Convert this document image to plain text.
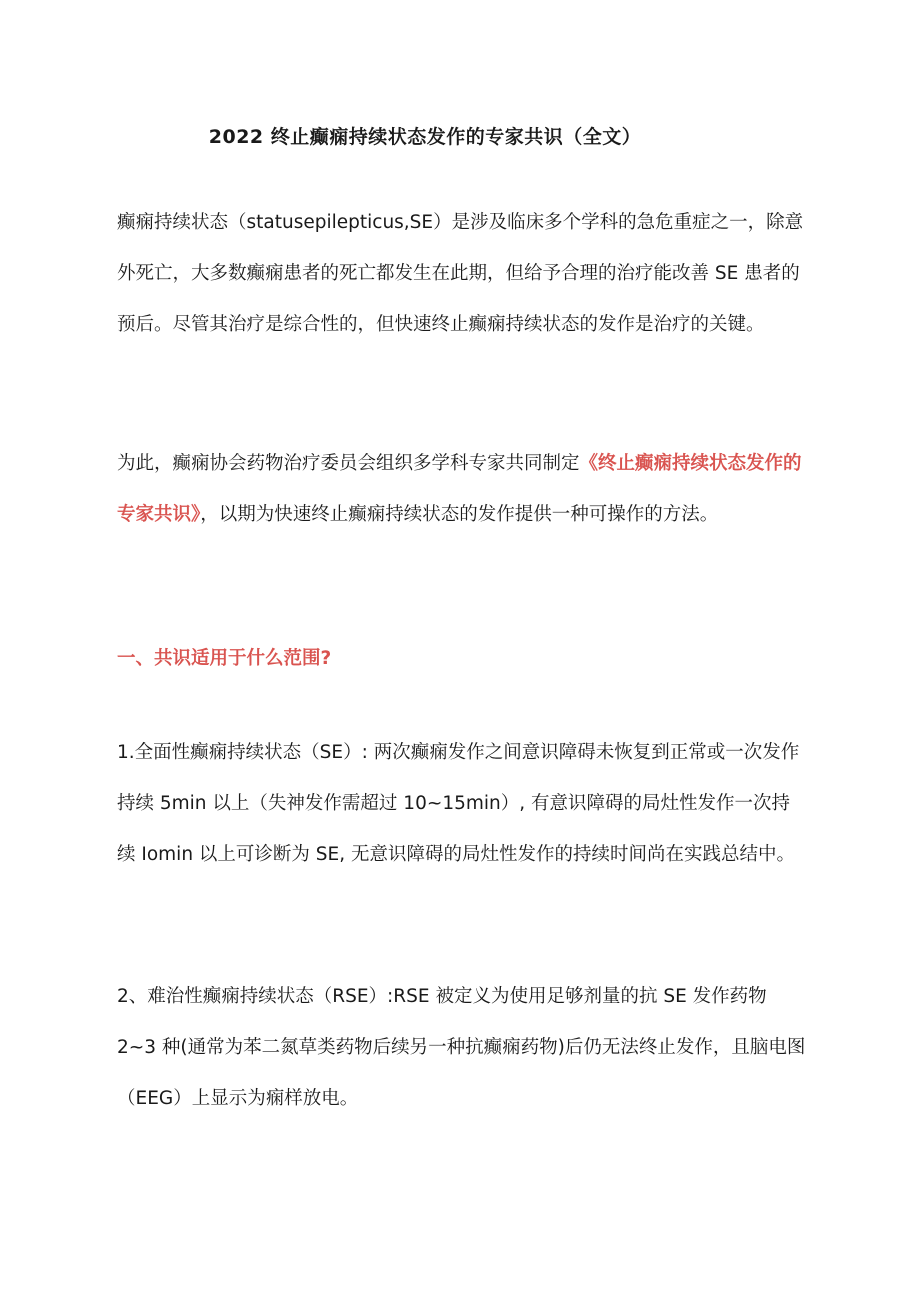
2022 终止癫痫持续状态发作的专家共识（全文）

癫痫持续状态（statusepilepticus,SE）是涉及临床多个学科的急危重症之一，除意外死亡，大多数癫痫患者的死亡都发生在此期，但给予合理的治疗能改善 SE 患者的预后。尽管其治疗是综合性的，但快速终止癫痫持续状态的发作是治疗的关键。

为此，癫痫协会药物治疗委员会组织多学科专家共同制定《终止癫痫持续状态发作的专家共识》，以期为快速终止癫痫持续状态的发作提供一种可操作的方法。

一、共识适用于什么范围?

1.全面性癫痫持续状态（SE）: 两次癫痫发作之间意识障碍未恢复到正常或一次发作持续 5min 以上（失神发作需超过 10~15min）, 有意识障碍的局灶性发作一次持续 Iomin 以上可诊断为 SE, 无意识障碍的局灶性发作的持续时间尚在实践总结中。

2、难治性癫痫持续状态（RSE）:RSE 被定义为使用足够剂量的抗 SE 发作药物 2~3 种(通常为苯二氮草类药物后续另一种抗癫痫药物)后仍无法终止发作，且脑电图（EEG）上显示为痫样放电。
